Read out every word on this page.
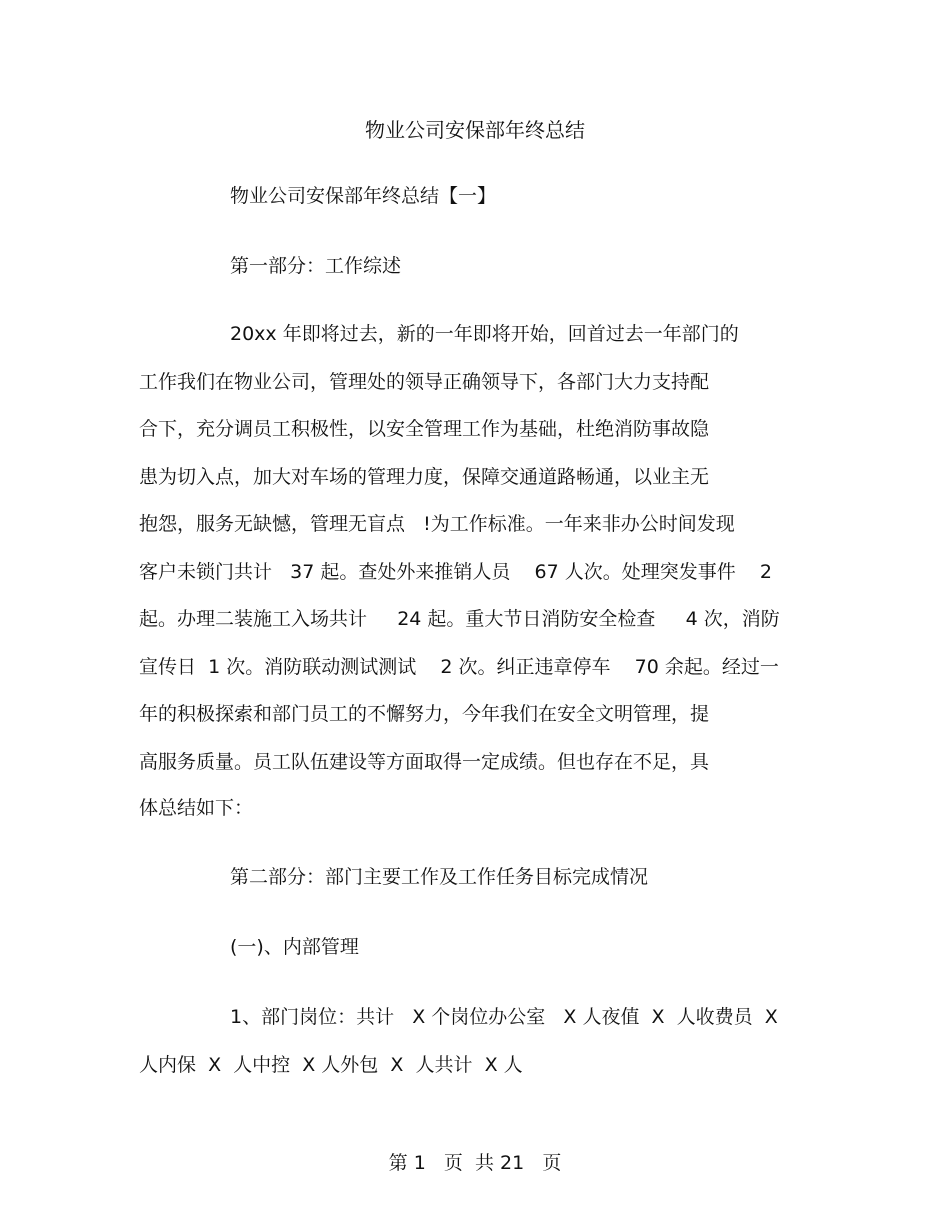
物业公司安保部年终总结

物业公司安保部年终总结【一】

第一部分：工作综述

20xx 年即将过去，新的一年即将开始，回首过去一年部门的

工作我们在物业公司，管理处的领导正确领导下，各部门大力支持配

合下，充分调员工积极性，以安全管理工作为基础，杜绝消防事故隐

患为切入点，加大对车场的管理力度，保障交通道路畅通，以业主无

抱怨，服务无缺憾，管理无盲点   !为工作标准。一年来非办公时间发现

客户未锁门共计   37 起。查处外来推销人员    67 人次。处理突发事件    2

起。办理二装施工入场共计     24 起。重大节日消防安全检查     4 次，消防

宣传日  1 次。消防联动测试测试    2 次。纠正违章停车    70 余起。经过一

年的积极探索和部门员工的不懈努力，今年我们在安全文明管理，提

高服务质量。员工队伍建设等方面取得一定成绩。但也存在不足，具

体总结如下：

第二部分：部门主要工作及工作任务目标完成情况

(一)、内部管理

1、部门岗位：共计   X 个岗位办公室   X 人夜值  X  人收费员  X

人内保  X  人中控  X 人外包  X  人共计  X 人

第 1   页  共 21   页
